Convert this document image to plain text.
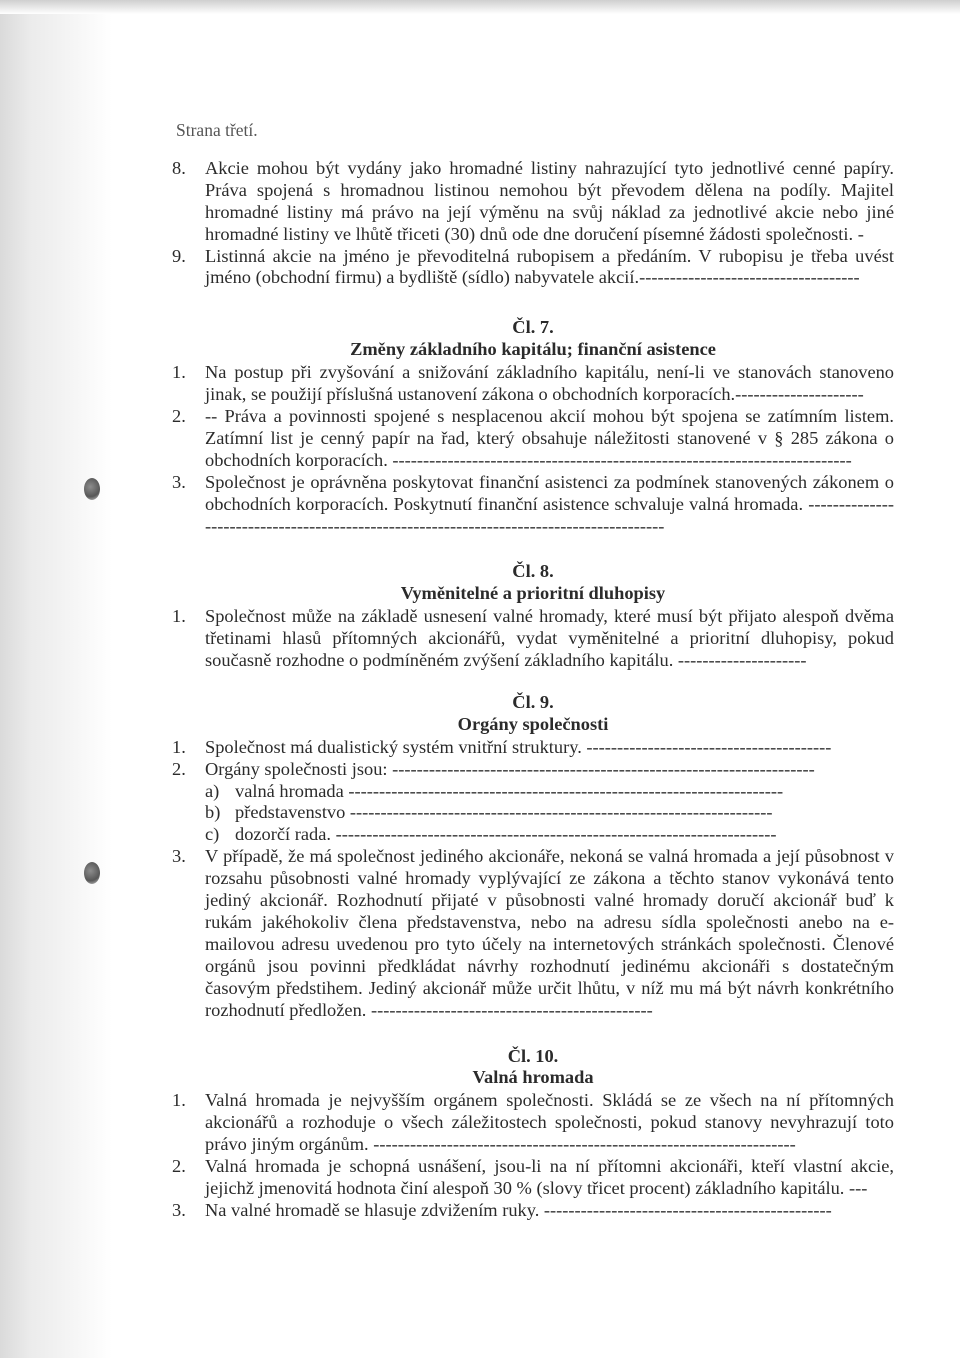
Strana třetí.
8.	Akcie mohou být vydány jako hromadné listiny nahrazující tyto jednotlivé cenné papíry. Práva spojená s hromadnou listinou nemohou být převodem dělena na podíly. Majitel hromadné listiny má právo na její výměnu na svůj náklad za jednotlivé akcie nebo jiné hromadné listiny ve lhůtě třiceti (30) dnů ode dne doručení písemné žádosti společnosti. -
9.	Listinná akcie na jméno je převoditelná rubopisem a předáním. V rubopisu je třeba uvést jméno (obchodní firmu) a bydliště (sídlo) nabyvatele akcií.------------------------------------
Čl. 7.
Změny základního kapitálu; finanční asistence
1.	Na postup při zvyšování a snižování základního kapitálu, není-li ve stanovách stanoveno jinak, se použijí příslušná ustanovení zákona o obchodních korporacích.---------------------
2.	-- Práva a povinnosti spojené s nesplacenou akcií mohou být spojena se zatímním listem. Zatímní list je cenný papír na řad, který obsahuje náležitosti stanovené v § 285 zákona o obchodních korporacích. ---------------------------------------------------------------------------
3.	Společnost je oprávněna poskytovat finanční asistenci za podmínek stanovených zákonem o obchodních korporacích. Poskytnutí finanční asistence schvaluje valná hromada. -----------------------------------------------------------------------------------------
Čl. 8.
Vyměnitelné a prioritní dluhopisy
1.	Společnost může na základě usnesení valné hromady, které musí být přijato alespoň dvěma třetinami hlasů přítomných akcionářů, vydat vyměnitelné a prioritní dluhopisy, pokud současně rozhodne o podmíněném zvýšení základního kapitálu. ---------------------
Čl. 9.
Orgány společnosti
1.	Společnost má dualistický systém vnitřní struktury. ----------------------------------------
2.	Orgány společnosti jsou: ---------------------------------------------------------------------
a) valná hromada -----------------------------------------------------------------------
b) představenstvo ---------------------------------------------------------------------
c) dozorčí rada. ------------------------------------------------------------------------
3.	V případě, že má společnost jediného akcionáře, nekoná se valná hromada a její působnost v rozsahu působnosti valné hromady vyplývající ze zákona a těchto stanov vykonává tento jediný akcionář. Rozhodnutí přijaté v působnosti valné hromady doručí akcionář buď k rukám jakéhokoliv člena představenstva, nebo na adresu sídla společnosti anebo na e-mailovou adresu uvedenou pro tyto účely na internetových stránkách společnosti. Členové orgánů jsou povinni předkládat návrhy rozhodnutí jedinému akcionáři s dostatečným časovým předstihem. Jediný akcionář může určit lhůtu, v níž mu má být návrh konkrétního rozhodnutí předložen. ----------------------------------------------
Čl. 10.
Valná hromada
1.	Valná hromada je nejvyšším orgánem společnosti. Skládá se ze všech na ní přítomných akcionářů a rozhoduje o všech záležitostech společnosti, pokud stanovy nevyhrazují toto právo jiným orgánům. ---------------------------------------------------------------------
2.	Valná hromada je schopná usnášení, jsou-li na ní přítomni akcionáři, kteří vlastní akcie, jejichž jmenovitá hodnota činí alespoň 30 % (slovy třicet procent) základního kapitálu. ---
3.	Na valné hromadě se hlasuje zdvižením ruky. -----------------------------------------------
